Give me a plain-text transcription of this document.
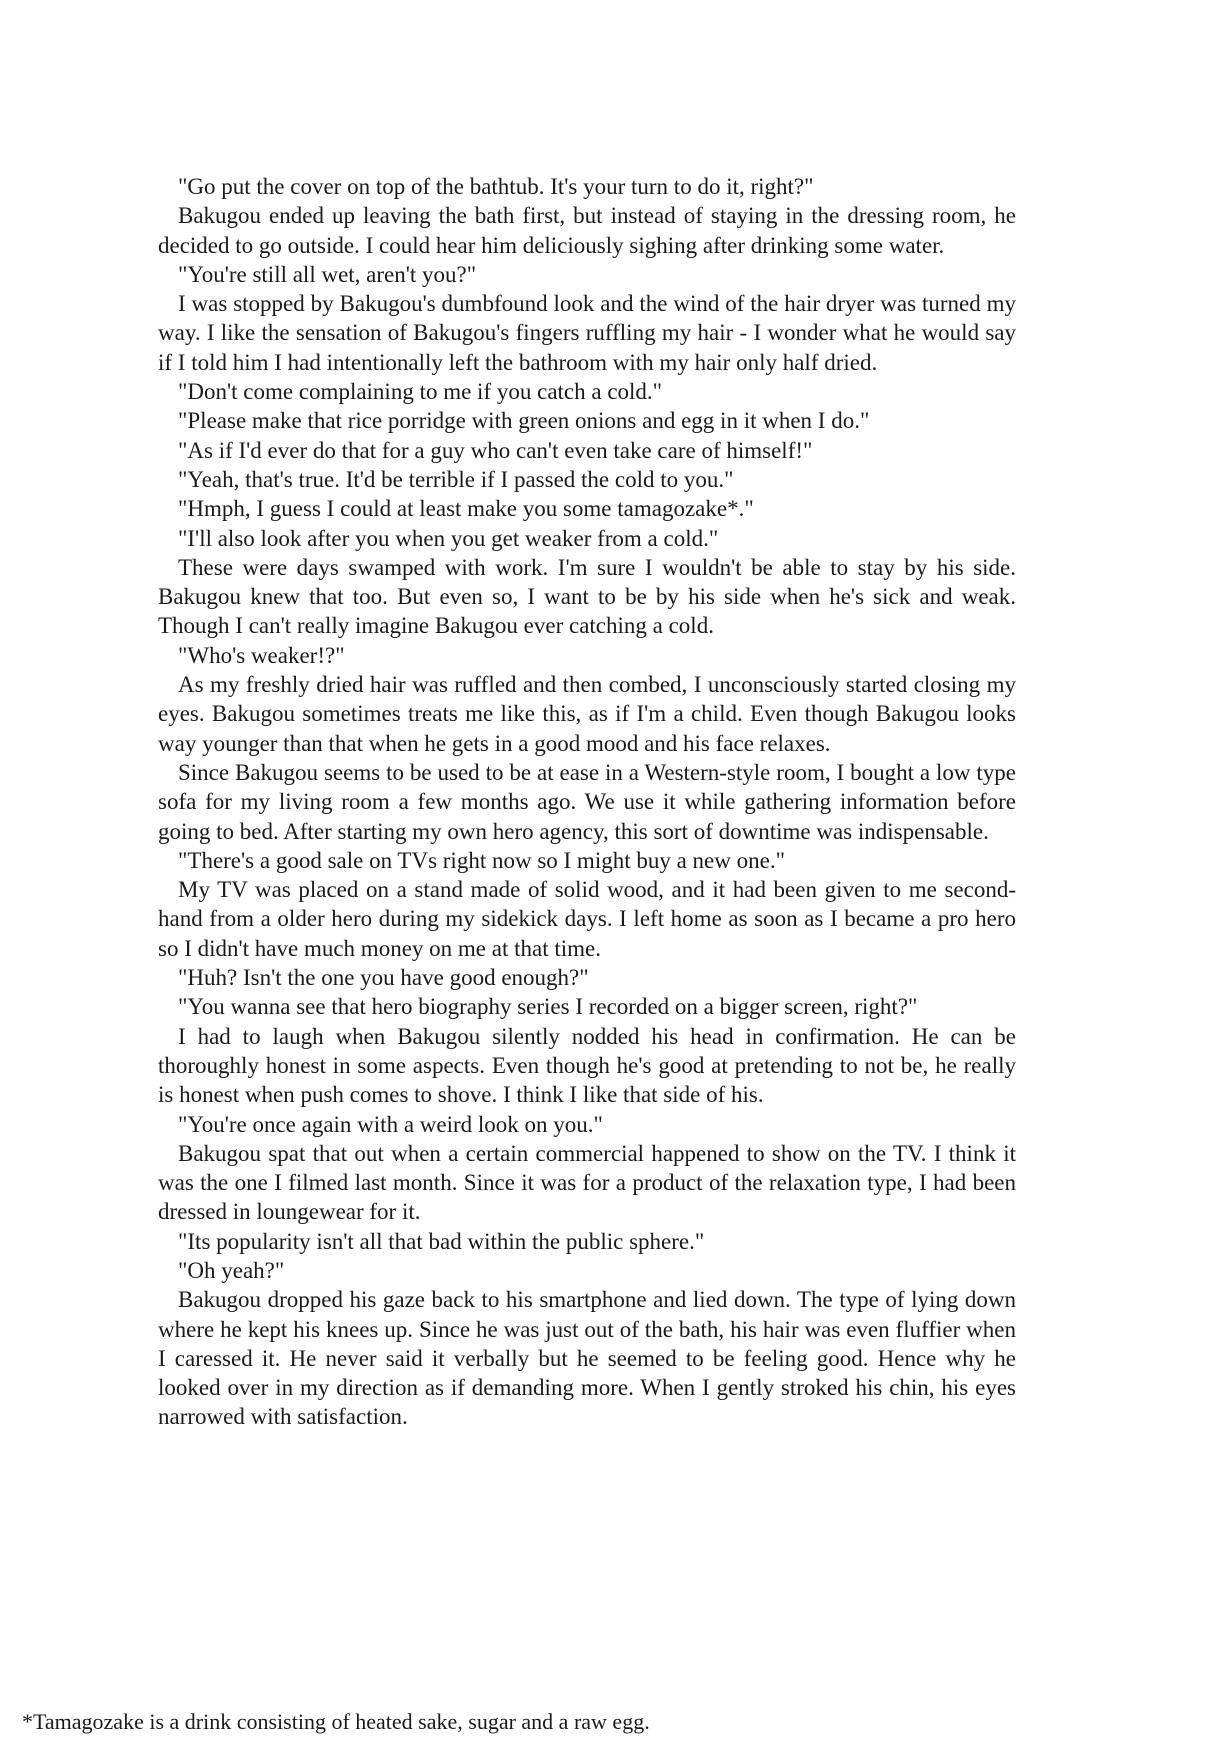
"Go put the cover on top of the bathtub. It's your turn to do it, right?"

Bakugou ended up leaving the bath first, but instead of staying in the dressing room, he decided to go outside. I could hear him deliciously sighing after drinking some water.

"You're still all wet, aren't you?"

I was stopped by Bakugou's dumbfound look and the wind of the hair dryer was turned my way. I like the sensation of Bakugou's fingers ruffling my hair - I wonder what he would say if I told him I had intentionally left the bathroom with my hair only half dried.

"Don't come complaining to me if you catch a cold."

"Please make that rice porridge with green onions and egg in it when I do."

"As if I'd ever do that for a guy who can't even take care of himself!"

"Yeah, that's true. It'd be terrible if I passed the cold to you."

"Hmph, I guess I could at least make you some tamagozake*."

"I'll also look after you when you get weaker from a cold."

These were days swamped with work. I'm sure I wouldn't be able to stay by his side. Bakugou knew that too. But even so, I want to be by his side when he's sick and weak. Though I can't really imagine Bakugou ever catching a cold.

"Who's weaker!?"

As my freshly dried hair was ruffled and then combed, I unconsciously started closing my eyes. Bakugou sometimes treats me like this, as if I'm a child. Even though Bakugou looks way younger than that when he gets in a good mood and his face relaxes.

Since Bakugou seems to be used to be at ease in a Western-style room, I bought a low type sofa for my living room a few months ago. We use it while gathering information before going to bed. After starting my own hero agency, this sort of downtime was indispensable.

"There's a good sale on TVs right now so I might buy a new one."

My TV was placed on a stand made of solid wood, and it had been given to me second-hand from a older hero during my sidekick days. I left home as soon as I became a pro hero so I didn't have much money on me at that time.

"Huh? Isn't the one you have good enough?"

"You wanna see that hero biography series I recorded on a bigger screen, right?"

I had to laugh when Bakugou silently nodded his head in confirmation. He can be thoroughly honest in some aspects. Even though he's good at pretending to not be, he really is honest when push comes to shove. I think I like that side of his.

"You're once again with a weird look on you."

Bakugou spat that out when a certain commercial happened to show on the TV. I think it was the one I filmed last month. Since it was for a product of the relaxation type, I had been dressed in loungewear for it.

"Its popularity isn't all that bad within the public sphere."

"Oh yeah?"

Bakugou dropped his gaze back to his smartphone and lied down. The type of lying down where he kept his knees up. Since he was just out of the bath, his hair was even fluffier when I caressed it. He never said it verbally but he seemed to be feeling good. Hence why he looked over in my direction as if demanding more. When I gently stroked his chin, his eyes narrowed with satisfaction.

*Tamagozake is a drink consisting of heated sake, sugar and a raw egg.
